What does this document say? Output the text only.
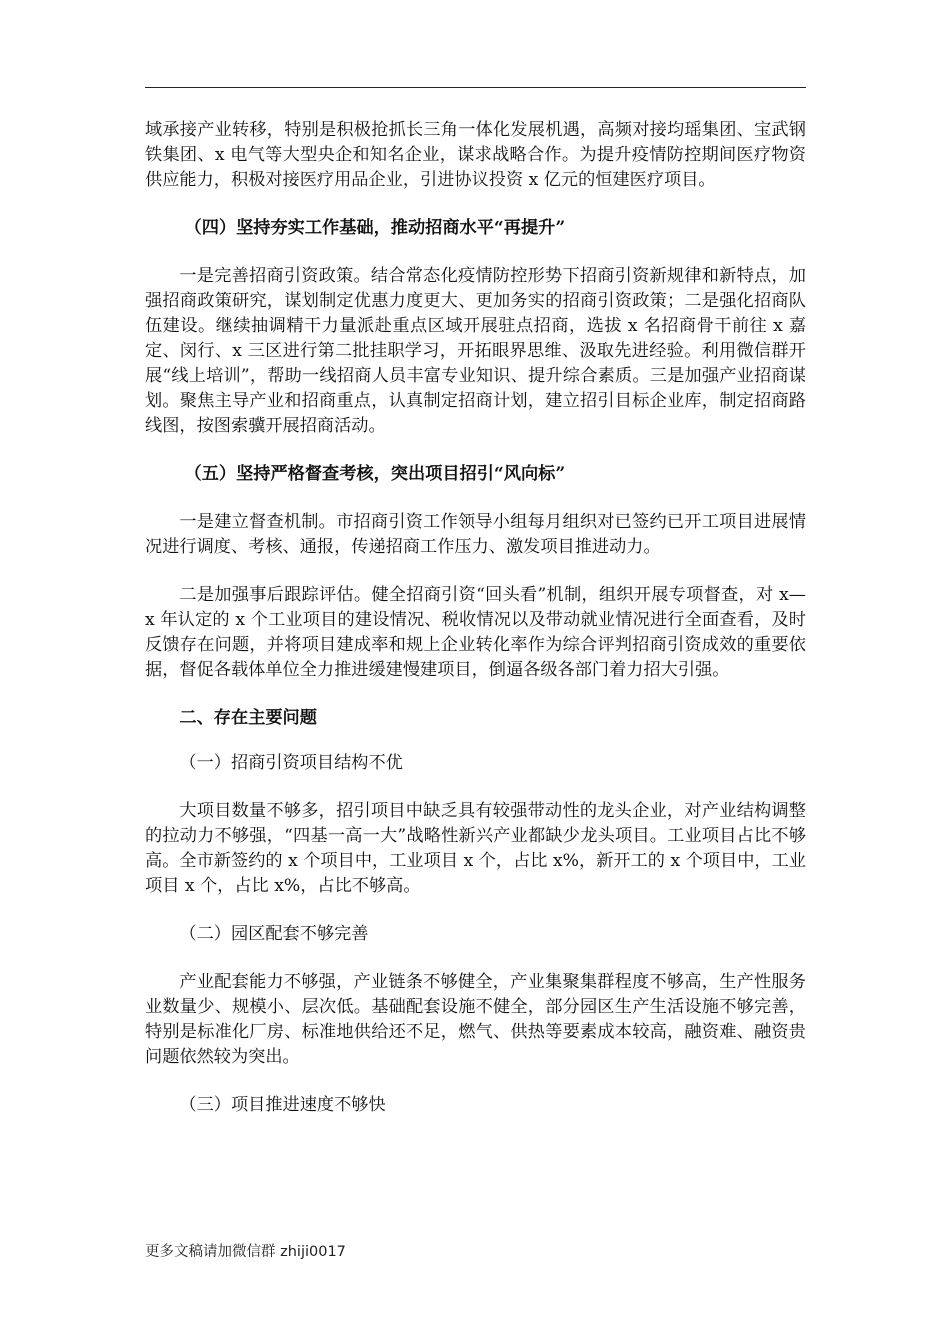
域承接产业转移，特别是积极抢抓长三角一体化发展机遇，高频对接均瑶集团、宝武钢铁集团、x 电气等大型央企和知名企业，谋求战略合作。为提升疫情防控期间医疗物资供应能力，积极对接医疗用品企业，引进协议投资 x 亿元的恒建医疗项目。

（四）坚持夯实工作基础，推动招商水平“再提升”

一是完善招商引资政策。结合常态化疫情防控形势下招商引资新规律和新特点，加强招商政策研究，谋划制定优惠力度更大、更加务实的招商引资政策；二是强化招商队伍建设。继续抽调精干力量派赴重点区域开展驻点招商，选拔 x 名招商骨干前往 x 嘉定、闵行、x 三区进行第二批挂职学习，开拓眼界思维、汲取先进经验。利用微信群开展“线上培训”，帮助一线招商人员丰富专业知识、提升综合素质。三是加强产业招商谋划。聚焦主导产业和招商重点，认真制定招商计划，建立招引目标企业库，制定招商路线图，按图索骥开展招商活动。

（五）坚持严格督查考核，突出项目招引“风向标”

一是建立督查机制。市招商引资工作领导小组每月组织对已签约已开工项目进展情况进行调度、考核、通报，传递招商工作压力、激发项目推进动力。

二是加强事后跟踪评估。健全招商引资“回头看”机制，组织开展专项督查，对 x—x 年认定的 x 个工业项目的建设情况、税收情况以及带动就业情况进行全面查看，及时反馈存在问题，并将项目建成率和规上企业转化率作为综合评判招商引资成效的重要依据，督促各载体单位全力推进缓建慢建项目，倒逼各级各部门着力招大引强。

二、存在主要问题

（一）招商引资项目结构不优

大项目数量不够多，招引项目中缺乏具有较强带动性的龙头企业，对产业结构调整的拉动力不够强，“四基一高一大”战略性新兴产业都缺少龙头项目。工业项目占比不够高。全市新签约的 x 个项目中，工业项目 x 个，占比 x%，新开工的 x 个项目中，工业项目 x 个，占比 x%，占比不够高。

（二）园区配套不够完善

产业配套能力不够强，产业链条不够健全，产业集聚集群程度不够高，生产性服务业数量少、规模小、层次低。基础配套设施不健全，部分园区生产生活设施不够完善，特别是标准化厂房、标准地供给还不足，燃气、供热等要素成本较高，融资难、融资贵问题依然较为突出。

（三）项目推进速度不够快

更多文稿请加微信群 zhiji0017
